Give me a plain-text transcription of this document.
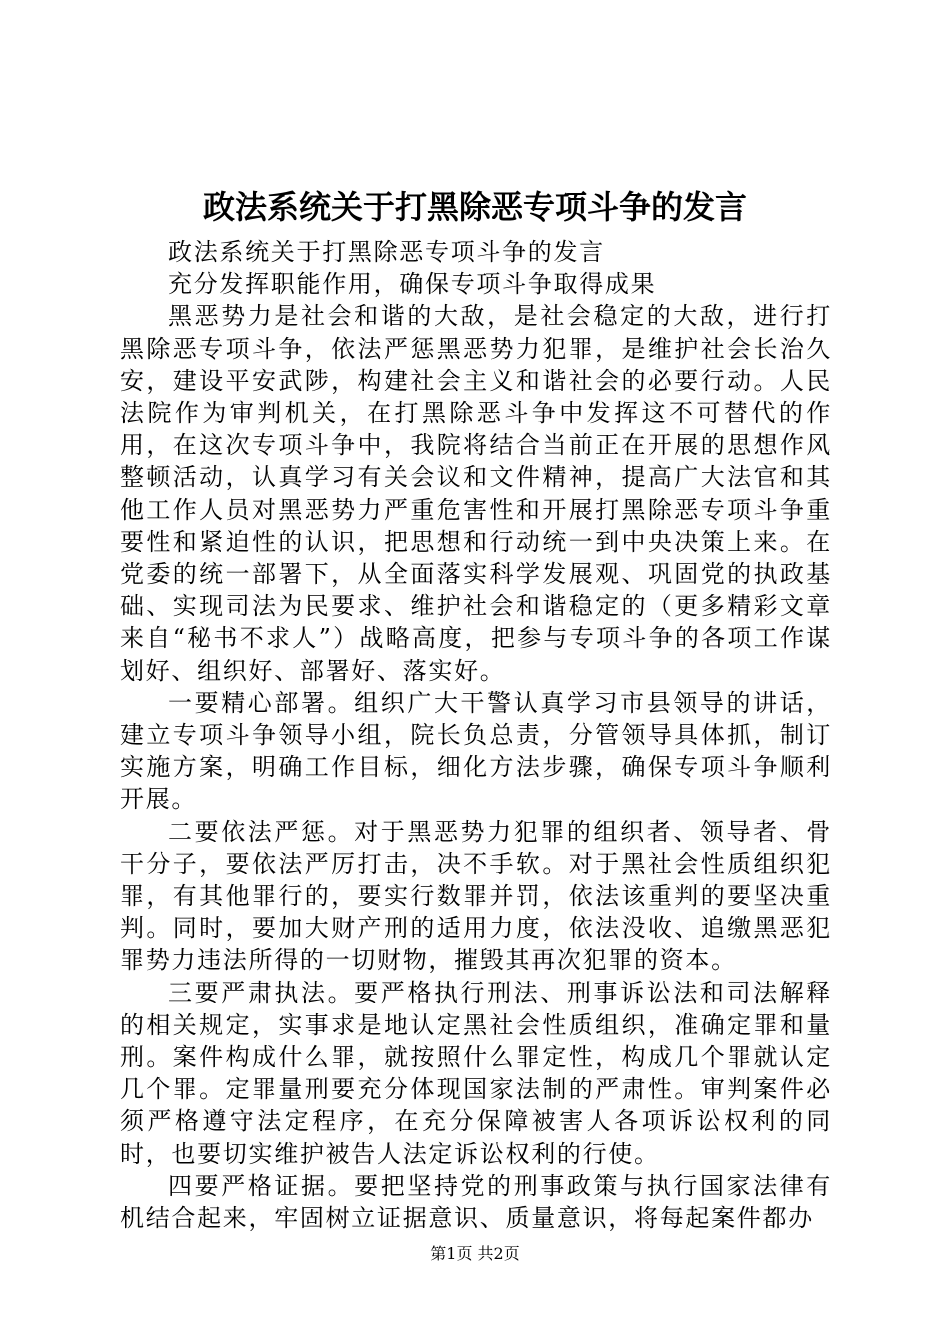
政法系统关于打黑除恶专项斗争的发言

政法系统关于打黑除恶专项斗争的发言

充分发挥职能作用，确保专项斗争取得成果

黑恶势力是社会和谐的大敌，是社会稳定的大敌，进行打黑除恶专项斗争，依法严惩黑恶势力犯罪，是维护社会长治久安，建设平安武陟，构建社会主义和谐社会的必要行动。人民法院作为审判机关，在打黑除恶斗争中发挥这不可替代的作用，在这次专项斗争中，我院将结合当前正在开展的思想作风整顿活动，认真学习有关会议和文件精神，提高广大法官和其他工作人员对黑恶势力严重危害性和开展打黑除恶专项斗争重要性和紧迫性的认识，把思想和行动统一到中央决策上来。在党委的统一部署下，从全面落实科学发展观、巩固党的执政基础、实现司法为民要求、维护社会和谐稳定的（更多精彩文章来自“秘书不求人”）战略高度，把参与专项斗争的各项工作谋划好、组织好、部署好、落实好。

一要精心部署。组织广大干警认真学习市县领导的讲话，建立专项斗争领导小组，院长负总责，分管领导具体抓，制订实施方案，明确工作目标，细化方法步骤，确保专项斗争顺利开展。

二要依法严惩。对于黑恶势力犯罪的组织者、领导者、骨干分子，要依法严厉打击，决不手软。对于黑社会性质组织犯罪，有其他罪行的，要实行数罪并罚，依法该重判的要坚决重判。同时，要加大财产刑的适用力度，依法没收、追缴黑恶犯罪势力违法所得的一切财物，摧毁其再次犯罪的资本。

三要严肃执法。要严格执行刑法、刑事诉讼法和司法解释的相关规定，实事求是地认定黑社会性质组织，准确定罪和量刑。案件构成什么罪，就按照什么罪定性，构成几个罪就认定几个罪。定罪量刑要充分体现国家法制的严肃性。审判案件必须严格遵守法定程序，在充分保障被害人各项诉讼权利的同时，也要切实维护被告人法定诉讼权利的行使。

四要严格证据。要把坚持党的刑事政策与执行国家法律有机结合起来，牢固树立证据意识、质量意识，将每起案件都办

第1页 共2页
